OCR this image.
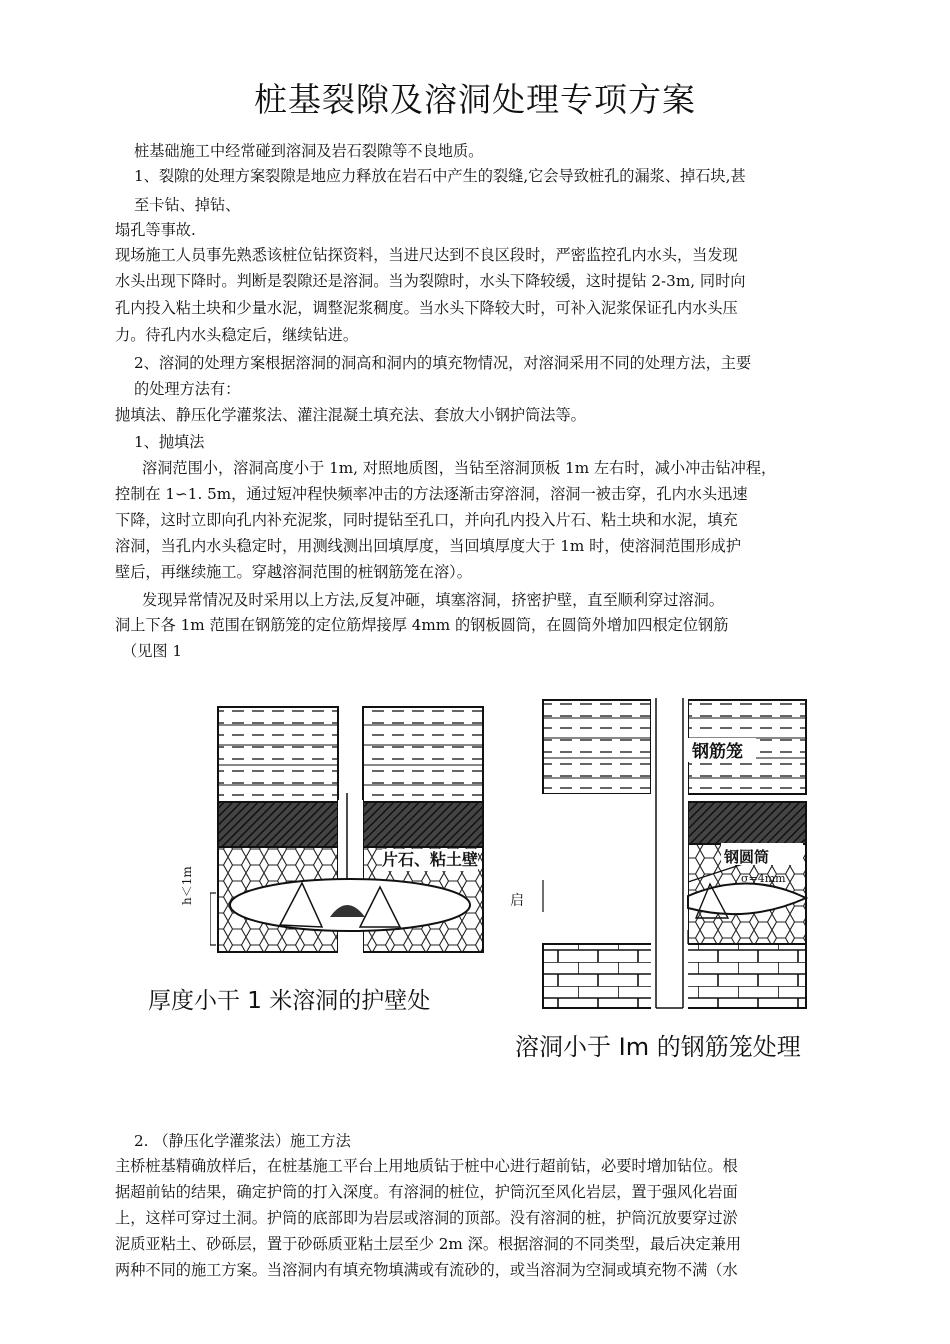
桩基裂隙及溶洞处理专项方案
桩基础施工中经常碰到溶洞及岩石裂隙等不良地质。
1、裂隙的处理方案裂隙是地应力释放在岩石中产生的裂缝,它会导致桩孔的漏浆、掉石块,甚
至卡钻、掉钻、
塌孔等事故.
现场施工人员事先熟悉该桩位钻探资料，当进尺达到不良区段时，严密监控孔内水头，当发现
水头出现下降时。判断是裂隙还是溶洞。当为裂隙时，水头下降较缓，这时提钻 2-3m, 同时向
孔内投入粘土块和少量水泥，调整泥浆稠度。当水头下降较大时，可补入泥浆保证孔内水头压
力。待孔内水头稳定后，继续钻进。
2、溶洞的处理方案根据溶洞的洞高和洞内的填充物情况，对溶洞采用不同的处理方法，主要
的处理方法有：
抛填法、静压化学灌浆法、灌注混凝土填充法、套放大小钢护筒法等。
1、抛填法
溶洞范围小，溶洞高度小于 1m, 对照地质图，当钻至溶洞顶板 1m 左右时，减小冲击钻冲程，
控制在 1∽1. 5m，通过短冲程快频率冲击的方法逐渐击穿溶洞，溶洞一被击穿，孔内水头迅速
下降，这时立即向孔内补充泥浆，同时提钻至孔口，并向孔内投入片石、粘土块和水泥，填充
溶洞，当孔内水头稳定时，用测线测出回填厚度，当回填厚度大于 1m 时，使溶洞范围形成护
壁后，再继续施工。穿越溶洞范围的桩钢筋笼在溶）。
发现异常情况及时采用以上方法,反复冲砸，填塞溶洞，挤密护壁，直至顺利穿过溶洞。
洞上下各 1m 范围在钢筋笼的定位筋焊接厚 4mm 的钢板圆筒，在圆筒外增加四根定位钢筋
（见图 1
片石、粘土壁
h＜1m
厚度小干 1 米溶洞的护壁处
钢筋笼
钢圆筒
σ=4mm
启
溶洞小于 Im 的钢筋笼处理
2. （静压化学灌浆法）施工方法
主桥桩基精确放样后，在桩基施工平台上用地质钻于桩中心进行超前钻，必要时增加钻位。根
据超前钻的结果，确定护筒的打入深度。有溶洞的桩位，护筒沉至风化岩层，置于强风化岩面
上，这样可穿过土洞。护筒的底部即为岩层或溶洞的顶部。没有溶洞的桩，护筒沉放要穿过淤
泥质亚粘土、砂砾层，置于砂砾质亚粘土层至少 2m 深。根据溶洞的不同类型，最后决定兼用
两种不同的施工方案。当溶洞内有填充物填满或有流砂的，或当溶洞为空洞或填充物不满（水
